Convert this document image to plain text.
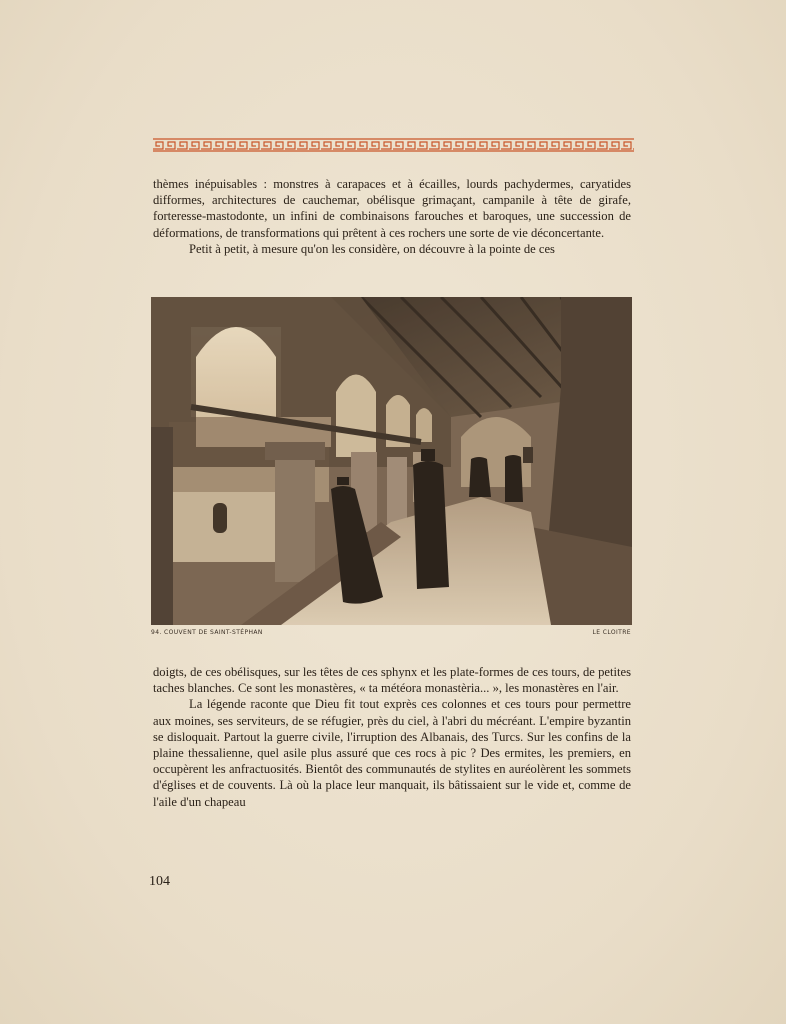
thèmes inépuisables : monstres à carapaces et à écailles, lourds pachydermes, caryatides difformes, architectures de cauchemar, obélisque grimaçant, campanile à tête de girafe, forteresse-mastodonte, un infini de combinaisons farouches et baroques, une succession de déformations, de transformations qui prêtent à ces rochers une sorte de vie déconcertante.

Petit à petit, à mesure qu'on les considère, on découvre à la pointe de ces

94. COUVENT DE SAINT-STÉPHAN	LE CLOITRE

doigts, de ces obélisques, sur les têtes de ces sphynx et les plate-formes de ces tours, de petites taches blanches. Ce sont les monastères, « ta météora monastèria... », les monastères en l'air.

La légende raconte que Dieu fit tout exprès ces colonnes et ces tours pour permettre aux moines, ses serviteurs, de se réfugier, près du ciel, à l'abri du mécréant. L'empire byzantin se disloquait. Partout la guerre civile, l'irruption des Albanais, des Turcs. Sur les confins de la plaine thessalienne, quel asile plus assuré que ces rocs à pic ? Des ermites, les premiers, en occupèrent les anfractuosités. Bientôt des communautés de stylites en auréolèrent les sommets d'églises et de couvents. Là où la place leur manquait, ils bâtissaient sur le vide et, comme de l'aile d'un chapeau

104
